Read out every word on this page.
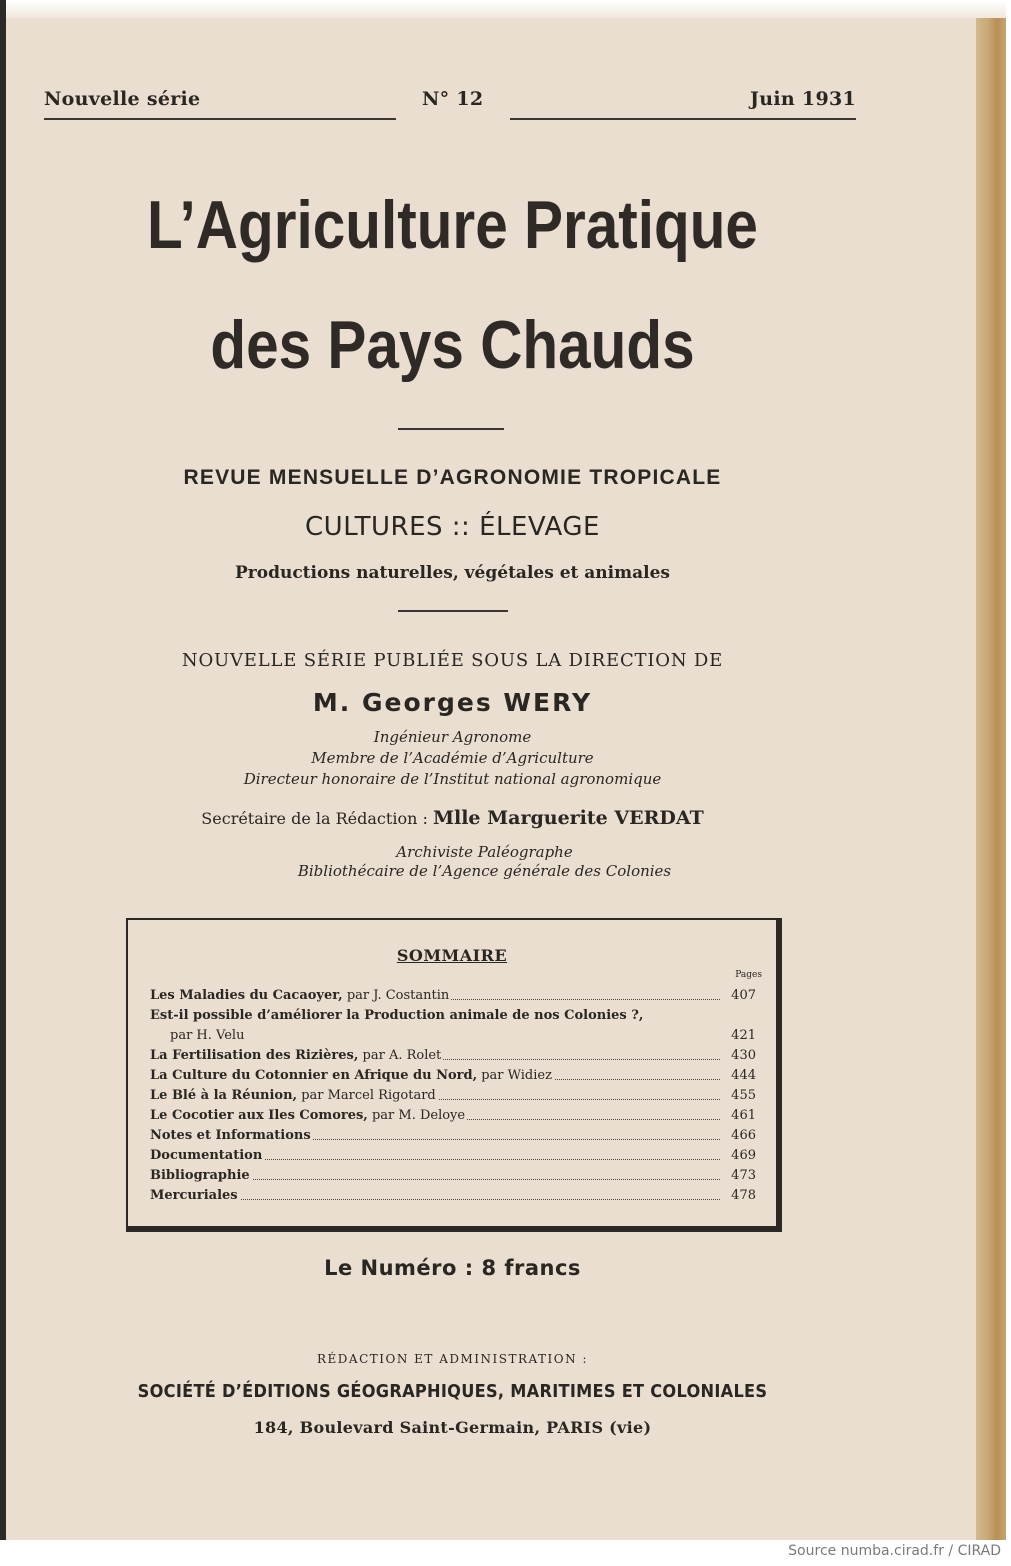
Nouvelle série	N° 12	Juin 1931
L’Agriculture Pratique
des Pays Chauds
REVUE MENSUELLE D’AGRONOMIE TROPICALE
CULTURES :: ÉLEVAGE
Productions naturelles, végétales et animales
NOUVELLE SÉRIE PUBLIÉE SOUS LA DIRECTION DE
M. Georges WERY
Ingénieur Agronome
Membre de l’Académie d’Agriculture
Directeur honoraire de l’Institut national agronomique
Secrétaire de la Rédaction : Mlle Marguerite VERDAT
Archiviste Paléographe
Bibliothécaire de l’Agence générale des Colonies
SOMMAIRE
Pages
Les Maladies du Cacaoyer, par J. Costantin	407
Est-il possible d’améliorer la Production animale de nos Colonies ?,
par H. Velu	421
La Fertilisation des Rizières, par A. Rolet	430
La Culture du Cotonnier en Afrique du Nord, par Widiez	444
Le Blé à la Réunion, par Marcel Rigotard	455
Le Cocotier aux Iles Comores, par M. Deloye	461
Notes et Informations	466
Documentation	469
Bibliographie	473
Mercuriales	478
Le Numéro : 8 francs
RÉDACTION ET ADMINISTRATION :
SOCIÉTÉ D’ÉDITIONS GÉOGRAPHIQUES, MARITIMES ET COLONIALES
184, Boulevard Saint-Germain, PARIS (vie)
Source numba.cirad.fr / CIRAD
